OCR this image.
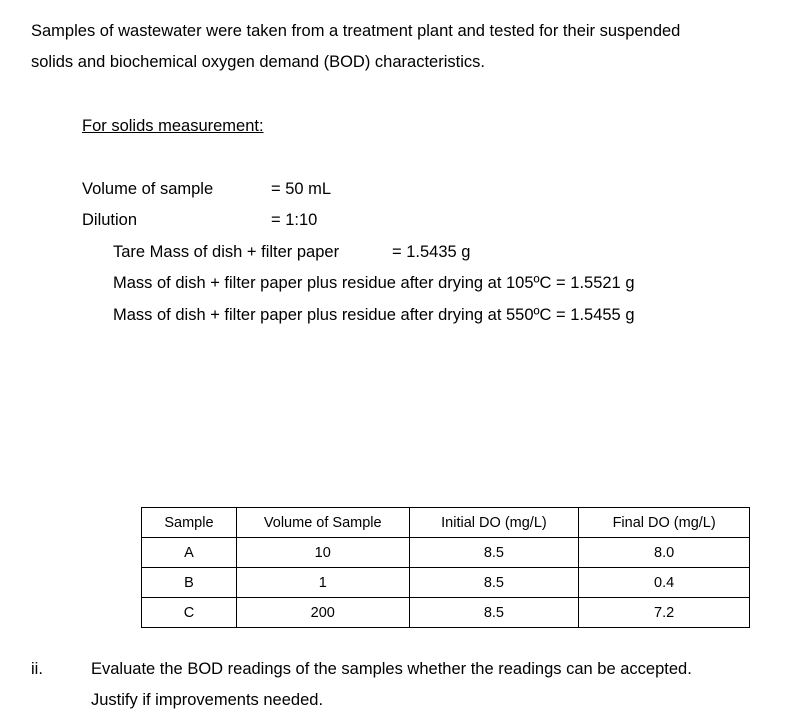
Samples of wastewater were taken from a treatment plant and tested for their suspended
solids and biochemical oxygen demand (BOD) characteristics.
For solids measurement:
Volume of sample	= 50 mL
Dilution	= 1:10
Tare Mass of dish + filter paper	= 1.5435 g
Mass of dish + filter paper plus residue after drying at 105ºC = 1.5521 g
Mass of dish + filter paper plus residue after drying at 550ºC = 1.5455 g
Sample	Volume of Sample	Initial DO (mg/L)	Final DO (mg/L)
A	10	8.5	8.0
B	1	8.5	0.4
C	200	8.5	7.2
ii.	Evaluate the BOD readings of the samples whether the readings can be accepted.
Justify if improvements needed.
